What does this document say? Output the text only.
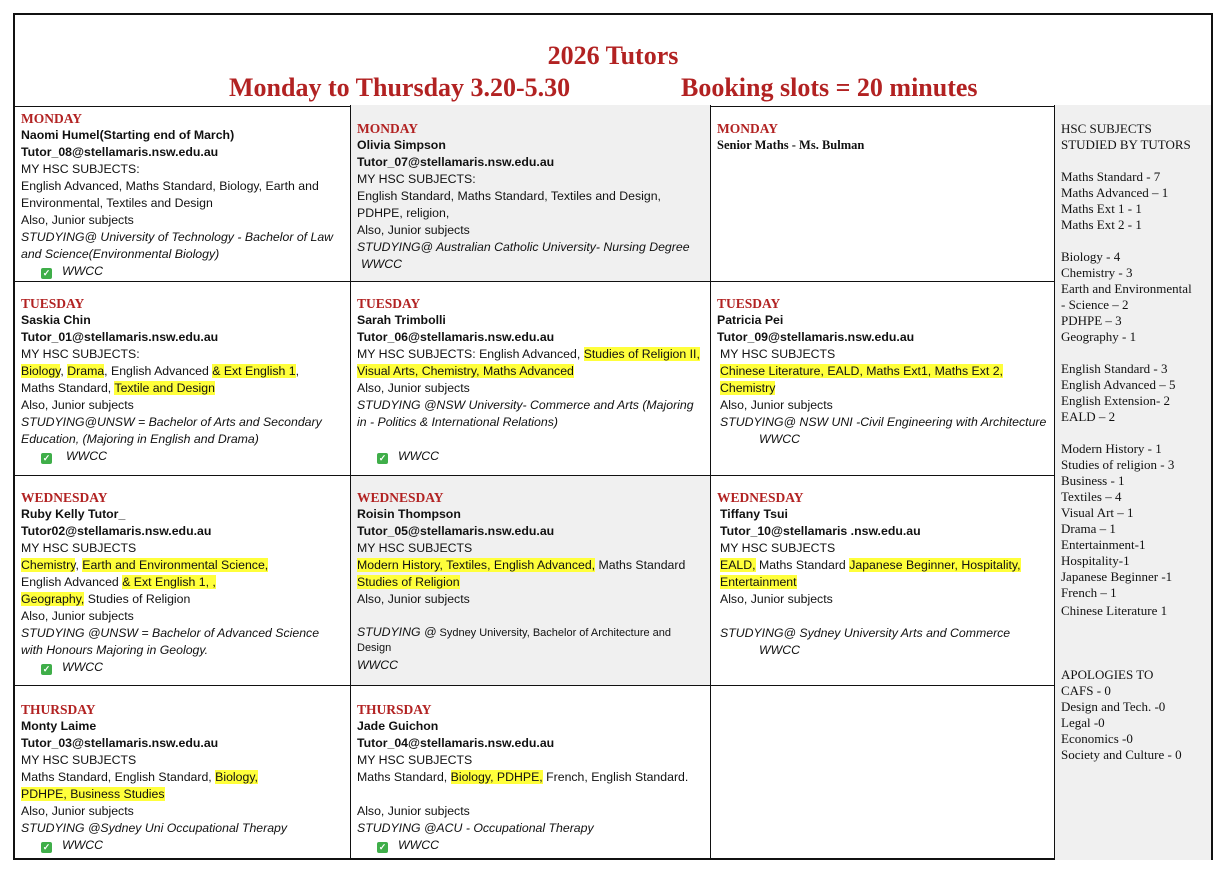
2026 Tutors
Monday to Thursday 3.20-5.30	Booking slots = 20 minutes
MONDAY
Naomi Humel(Starting end of March)
Tutor_08@stellamaris.nsw.edu.au
MY HSC SUBJECTS:
English Advanced, Maths Standard, Biology, Earth and Environmental, Textiles and Design
Also, Junior subjects
STUDYING@ University of Technology - Bachelor of Law and Science(Environmental Biology)
✓ WWCC
MONDAY
Olivia Simpson
Tutor_07@stellamaris.nsw.edu.au
MY HSC SUBJECTS:
English Standard, Maths Standard, Textiles and Design, PDHPE, religion,
Also, Junior subjects
STUDYING@ Australian Catholic University- Nursing Degree
WWCC
MONDAY
Senior Maths - Ms. Bulman
TUESDAY
Saskia Chin
Tutor_01@stellamaris.nsw.edu.au
MY HSC SUBJECTS:
Biology, Drama, English Advanced & Ext English 1,
Maths Standard, Textile and Design
Also, Junior subjects
STUDYING@UNSW = Bachelor of Arts and Secondary Education, (Majoring in English and Drama)
✓ WWCC
TUESDAY
Sarah Trimbolli
Tutor_06@stellamaris.nsw.edu.au
MY HSC SUBJECTS: English Advanced, Studies of Religion II, Visual Arts, Chemistry, Maths Advanced
Also, Junior subjects
STUDYING @NSW University- Commerce and Arts (Majoring in - Politics & International Relations)
✓ WWCC
TUESDAY
Patricia Pei
Tutor_09@stellamaris.nsw.edu.au
MY HSC SUBJECTS
Chinese Literature, EALD, Maths Ext1, Maths Ext 2, Chemistry
Also, Junior subjects
STUDYING@ NSW UNI -Civil Engineering with Architecture
WWCC
WEDNESDAY
Ruby Kelly Tutor_
Tutor02@stellamaris.nsw.edu.au
MY HSC SUBJECTS
Chemistry, Earth and Environmental Science,
English Advanced & Ext English 1, ,
Geography, Studies of Religion
Also, Junior subjects
STUDYING @UNSW = Bachelor of Advanced Science with Honours Majoring in Geology.
✓ WWCC
WEDNESDAY
Roisin Thompson
Tutor_05@stellamaris.nsw.edu.au
MY HSC SUBJECTS
Modern History, Textiles, English Advanced, Maths Standard
Studies of Religion
Also, Junior subjects
STUDYING @ Sydney University, Bachelor of Architecture and Design
WWCC
WEDNESDAY
Tiffany Tsui
Tutor_10@stellamaris .nsw.edu.au
MY HSC SUBJECTS
EALD, Maths Standard Japanese Beginner, Hospitality, Entertainment
Also, Junior subjects
STUDYING@ Sydney University Arts and Commerce
WWCC
THURSDAY
Monty Laime
Tutor_03@stellamaris.nsw.edu.au
MY HSC SUBJECTS
Maths Standard, English Standard, Biology,
PDHPE, Business Studies
Also, Junior subjects
STUDYING @Sydney Uni Occupational Therapy
✓ WWCC
THURSDAY
Jade Guichon
Tutor_04@stellamaris.nsw.edu.au
MY HSC SUBJECTS
Maths Standard, Biology, PDHPE, French, English Standard.
Also, Junior subjects
STUDYING @ACU - Occupational Therapy
✓ WWCC
HSC SUBJECTS
STUDIED BY TUTORS
Maths Standard - 7
Maths Advanced – 1
Maths Ext 1 - 1
Maths Ext 2 - 1
Biology - 4
Chemistry - 3
Earth and Environmental
- Science – 2
PDHPE – 3
Geography - 1
English Standard - 3
English Advanced – 5
English Extension- 2
EALD – 2
Modern History - 1
Studies of religion - 3
Business - 1
Textiles – 4
Visual Art – 1
Drama – 1
Entertainment-1
Hospitality-1
Japanese Beginner -1
French – 1
Chinese Literature 1
APOLOGIES TO
CAFS - 0
Design and Tech. -0
Legal -0
Economics -0
Society and Culture - 0
